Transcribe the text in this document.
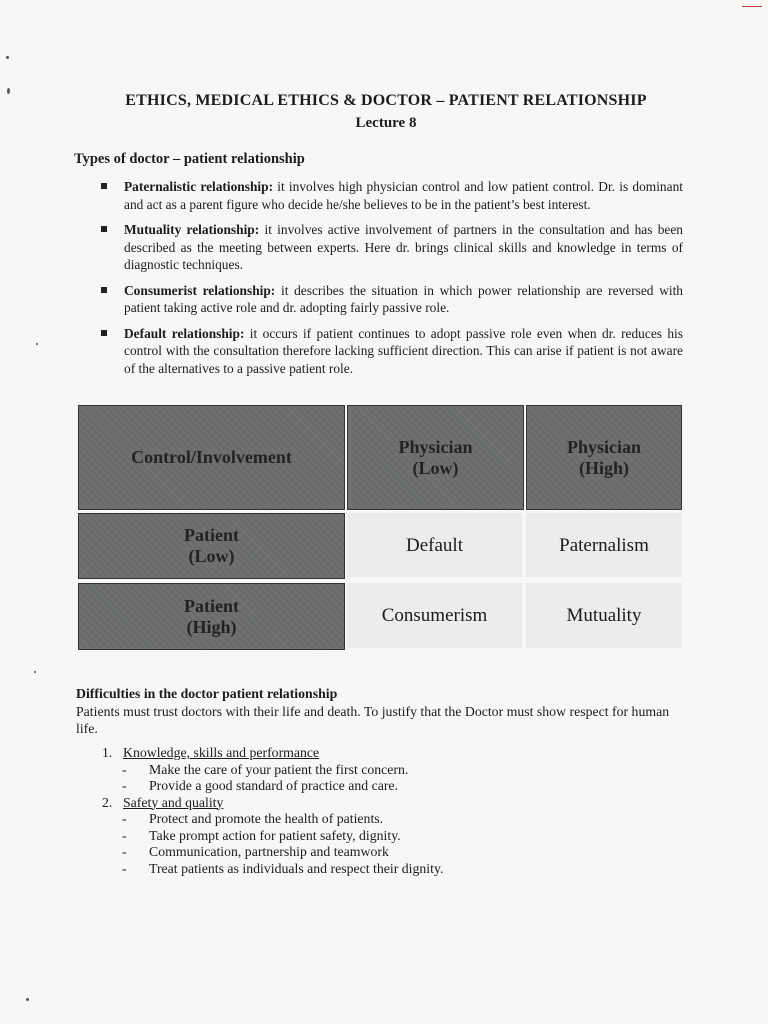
ETHICS, MEDICAL ETHICS & DOCTOR – PATIENT RELATIONSHIP
Lecture 8
Types of doctor – patient relationship
Paternalistic relationship: it involves high physician control and low patient control. Dr. is dominant and act as a parent figure who decide he/she believes to be in the patient’s best interest.
Mutuality relationship: it involves active involvement of partners in the consultation and has been described as the meeting between experts. Here dr. brings clinical skills and knowledge in terms of diagnostic techniques.
Consumerist relationship: it describes the situation in which power relationship are reversed with patient taking active role and dr. adopting fairly passive role.
Default relationship: it occurs if patient continues to adopt passive role even when dr. reduces his control with the consultation therefore lacking sufficient direction. This can arise if patient is not aware of the alternatives to a passive patient role.
Control/Involvement
Physician
(Low)
Physician
(High)
Patient
(Low)
Default	Paternalism
Patient
(High)
Consumerism	Mutuality
Difficulties in the doctor patient relationship
Patients must trust doctors with their life and death. To justify that the Doctor must show respect for human life.
1. Knowledge, skills and performance
- Make the care of your patient the first concern.
- Provide a good standard of practice and care.
2. Safety and quality
- Protect and promote the health of patients.
- Take prompt action for patient safety, dignity.
- Communication, partnership and teamwork
- Treat patients as individuals and respect their dignity.
